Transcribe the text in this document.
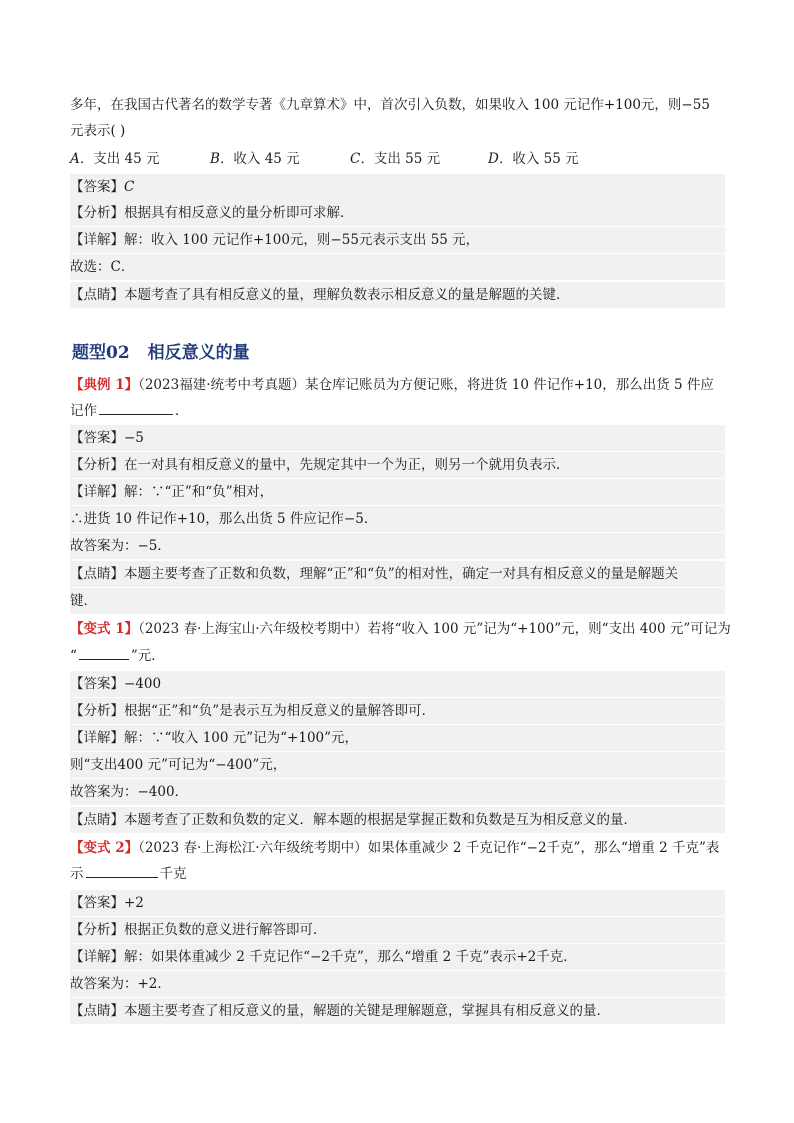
多年，在我国古代著名的数学专著《九章算术》中，首次引入负数，如果收入 100 元记作+100元，则−55
元表示( )
A．支出 45 元	B．收入 45 元	C．支出 55 元	D．收入 55 元
【答案】C
【分析】根据具有相反意义的量分析即可求解．
【详解】解：收入 100 元记作+100元，则−55元表示支出 55 元，
故选：C．
【点睛】本题考查了具有相反意义的量，理解负数表示相反意义的量是解题的关键．
题型02 相反意义的量
【典例 1】（2023福建·统考中考真题）某仓库记账员为方便记账，将进货 10 件记作+10，那么出货 5 件应
记作	．
【答案】−5
【分析】在一对具有相反意义的量中，先规定其中一个为正，则另一个就用负表示．
【详解】解：∵“正”和“负”相对，
∴进货 10 件记作+10，那么出货 5 件应记作−5．
故答案为：−5．
【点睛】本题主要考查了正数和负数，理解“正”和“负”的相对性，确定一对具有相反意义的量是解题关
键．
【变式 1】（2023 春·上海宝山·六年级校考期中）若将“收入 100 元”记为“+100”元，则“支出 400 元”可记为
“	”元．
【答案】−400
【分析】根据“正”和“负”是表示互为相反意义的量解答即可．
【详解】解：∵“收入 100 元”记为“+100”元，
则“支出400 元”可记为“−400”元，
故答案为：−400．
【点睛】本题考查了正数和负数的定义．解本题的根据是掌握正数和负数是互为相反意义的量．
【变式 2】（2023 春·上海松江·六年级统考期中）如果体重减少 2 千克记作“−2千克”，那么“增重 2 千克”表
示	千克
【答案】+2
【分析】根据正负数的意义进行解答即可．
【详解】解：如果体重减少 2 千克记作“−2千克”，那么“增重 2 千克”表示+2千克．
故答案为：+2．
【点睛】本题主要考查了相反意义的量，解题的关键是理解题意，掌握具有相反意义的量．
